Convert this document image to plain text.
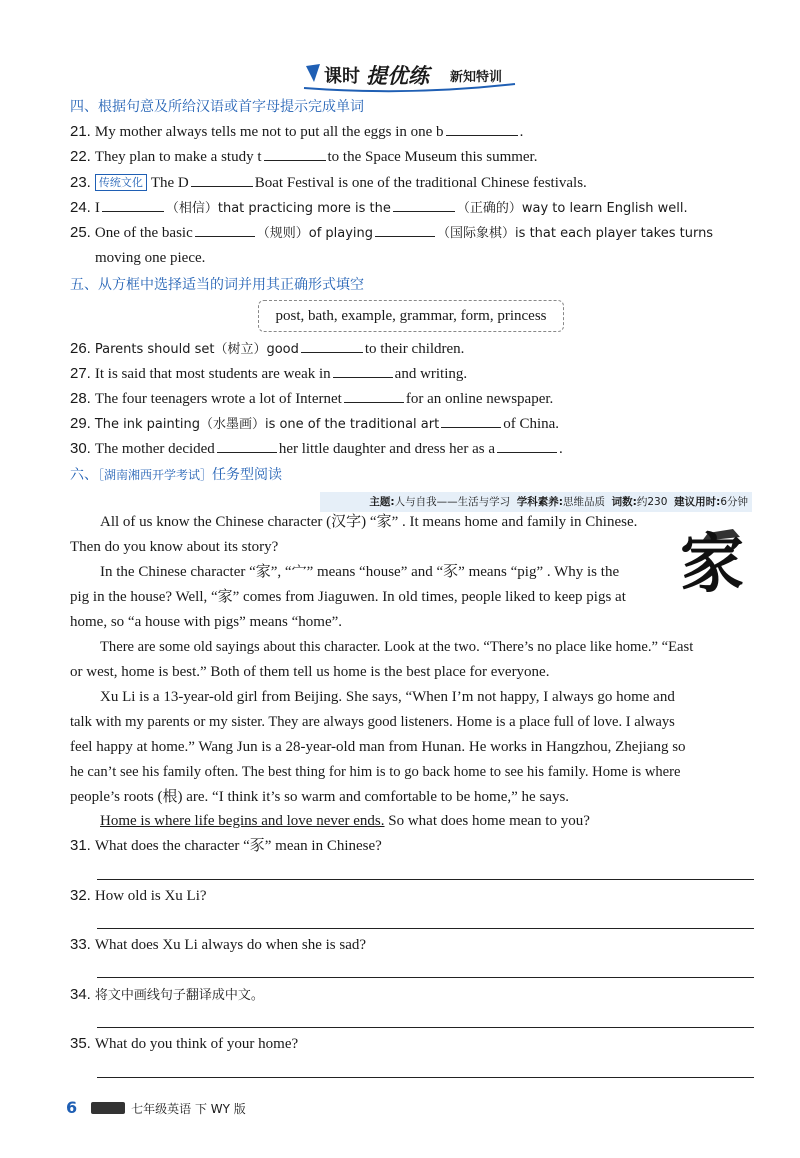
课时 提优练 新知特训
四、根据句意及所给汉语或首字母提示完成单词
21. My mother always tells me not to put all the eggs in one b	.
22. They plan to make a study t	to the Space Museum this summer.
23. 传统文化 The D	Boat Festival is one of the traditional Chinese festivals.
24. I	（相信）that practicing more is the	（正确的）way to learn English well.
25. One of the basic	（规则）of playing	（国际象棋）is that each player takes turns
moving one piece.
五、从方框中选择适当的词并用其正确形式填空
post, bath, example, grammar, form, princess
26. Parents should set（树立）good	to their children.
27. It is said that most students are weak in	and writing.
28. The four teenagers wrote a lot of Internet	for an online newspaper.
29. The ink painting（水墨画）is one of the traditional art	of China.
30. The mother decided	her little daughter and dress her as a	.
六、［湖南湘西开学考试］任务型阅读
主题:人与自我——生活与学习 学科素养:思维品质 词数:约230 建议用时:6分钟
家
All of us know the Chinese character (汉字) “家” . It means home and family in Chinese.
Then do you know about its story?
In the Chinese character “家”, “宀” means “house” and “豕” means “pig” . Why is the
pig in the house? Well, “家” comes from Jiaguwen. In old times, people liked to keep pigs at
home, so “a house with pigs” means “home”.
There are some old sayings about this character. Look at the two. “There’s no place like home.” “East
or west, home is best.” Both of them tell us home is the best place for everyone.
Xu Li is a 13-year-old girl from Beijing. She says, “When I’m not happy, I always go home and
talk with my parents or my sister. They are always good listeners. Home is a place full of love. I always
feel happy at home.” Wang Jun is a 28-year-old man from Hunan. He works in Hangzhou, Zhejiang so
he can’t see his family often. The best thing for him is to go back home to see his family. Home is where
people’s roots (根) are. “I think it’s so warm and comfortable to be home,” he says.
Home is where life begins and love never ends. So what does home mean to you?
31. What does the character “豕” mean in Chinese?
32. How old is Xu Li?
33. What does Xu Li always do when she is sad?
34. 将文中画线句子翻译成中文。
35. What do you think of your home?
6	七年级英语 下 WY 版
